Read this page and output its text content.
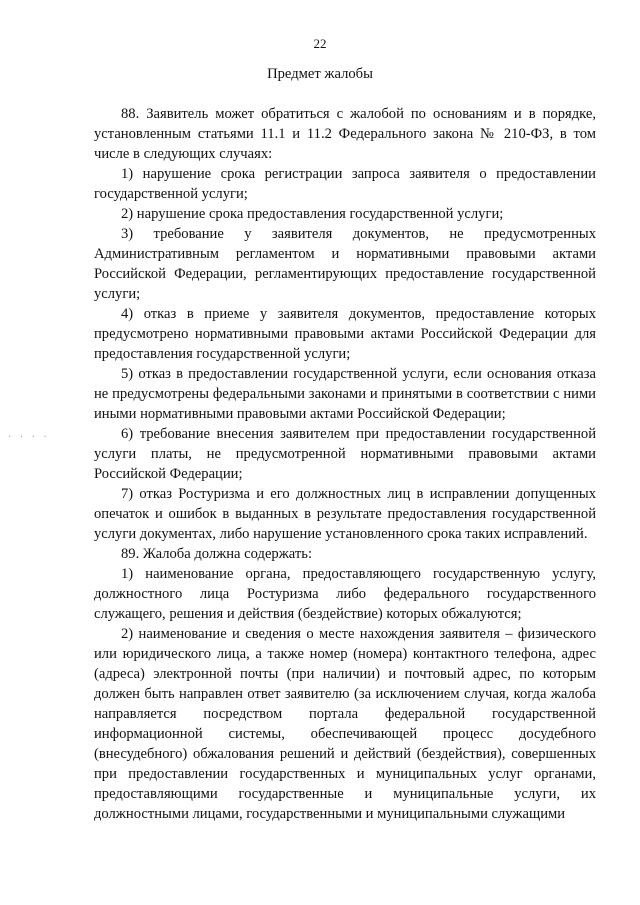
22
Предмет жалобы
· · · ·

88. Заявитель может обратиться с жалобой по основаниям и в порядке, установленным статьями 11.1 и 11.2 Федерального закона № 210-ФЗ, в том числе в следующих случаях:

1) нарушение срока регистрации запроса заявителя о предоставлении государственной услуги;

2) нарушение срока предоставления государственной услуги;

3) требование у заявителя документов, не предусмотренных Административным регламентом и нормативными правовыми актами Российской Федерации, регламентирующих предоставление государственной услуги;

4) отказ в приеме у заявителя документов, предоставление которых предусмотрено нормативными правовыми актами Российской Федерации для предоставления государственной услуги;

5) отказ в предоставлении государственной услуги, если основания отказа не предусмотрены федеральными законами и принятыми в соответствии с ними иными нормативными правовыми актами Российской Федерации;

6) требование внесения заявителем при предоставлении государственной услуги платы, не предусмотренной нормативными правовыми актами Российской Федерации;

7) отказ Ростуризма и его должностных лиц в исправлении допущенных опечаток и ошибок в выданных в результате предоставления государственной услуги документах, либо нарушение установленного срока таких исправлений.

89. Жалоба должна содержать:

1) наименование органа, предоставляющего государственную услугу, должностного лица Ростуризма либо федерального государственного служащего, решения и действия (бездействие) которых обжалуются;

2) наименование и сведения о месте нахождения заявителя – физического или юридического лица, а также номер (номера) контактного телефона, адрес (адреса) электронной почты (при наличии) и почтовый адрес, по которым должен быть направлен ответ заявителю (за исключением случая, когда жалоба направляется посредством портала федеральной государственной информационной системы, обеспечивающей процесс досудебного (внесудебного) обжалования решений и действий (бездействия), совершенных при предоставлении государственных и муниципальных услуг органами, предоставляющими государственные и муниципальные услуги, их должностными лицами, государственными и муниципальными служащими
